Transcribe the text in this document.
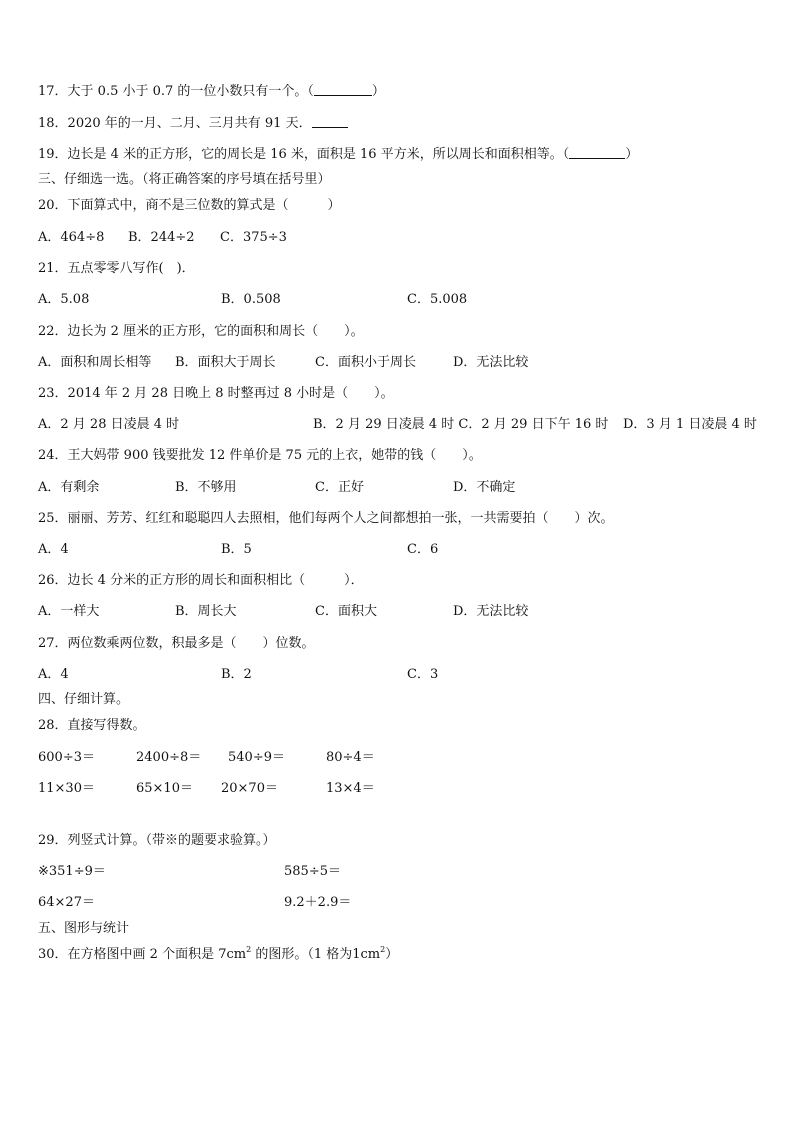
17．大于 0.5 小于 0.7 的一位小数只有一个。（	）
18．2020 年的一月、二月、三月共有 91 天．
19．边长是 4 米的正方形，它的周长是 16 米，面积是 16 平方米，所以周长和面积相等。（	）
三、仔细选一选。（将正确答案的序号填在括号里）
20．下面算式中，商不是三位数的算式是（　　　）
A．464÷8 B．244÷2 C．375÷3
21．五点零零八写作(　)．
A．5.08	B．0.508	C．5.008
22．边长为 2 厘米的正方形，它的面积和周长（　　）。
A．面积和周长相等 B．面积大于周长	C．面积小于周长	D．无法比较
23．2014 年 2 月 28 日晚上 8 时整再过 8 小时是（　　）。
A．2 月 28 日凌晨 4 时	B．2 月 29 日凌晨 4 时 C．2 月 29 日下午 16 时 D．3 月 1 日凌晨 4 时
24．王大妈带 900 钱要批发 12 件单价是 75 元的上衣，她带的钱（　　）。
A．有剩余	B．不够用	C．正好	D．不确定
25．丽丽、芳芳、红红和聪聪四人去照相，他们每两个人之间都想拍一张，一共需要拍（　　）次。
A．4	B．5	C．6
26．边长 4 分米的正方形的周长和面积相比（　　　）．
A．一样大	B．周长大	C．面积大	D．无法比较
27．两位数乘两位数，积最多是（　　）位数。
A．4	B．2	C．3
四、仔细计算。
28．直接写得数。
600÷3＝	2400÷8＝ 540÷9＝	80÷4＝
11×30＝	65×10＝ 20×70＝	13×4＝
29．列竖式计算。（带※的题要求验算。）
※351÷9＝	585÷5＝
64×27＝	9.2＋2.9＝
五、图形与统计
30．在方格图中画 2 个面积是 $7cm^2$ 的图形。（1 格为$1cm^2$）
